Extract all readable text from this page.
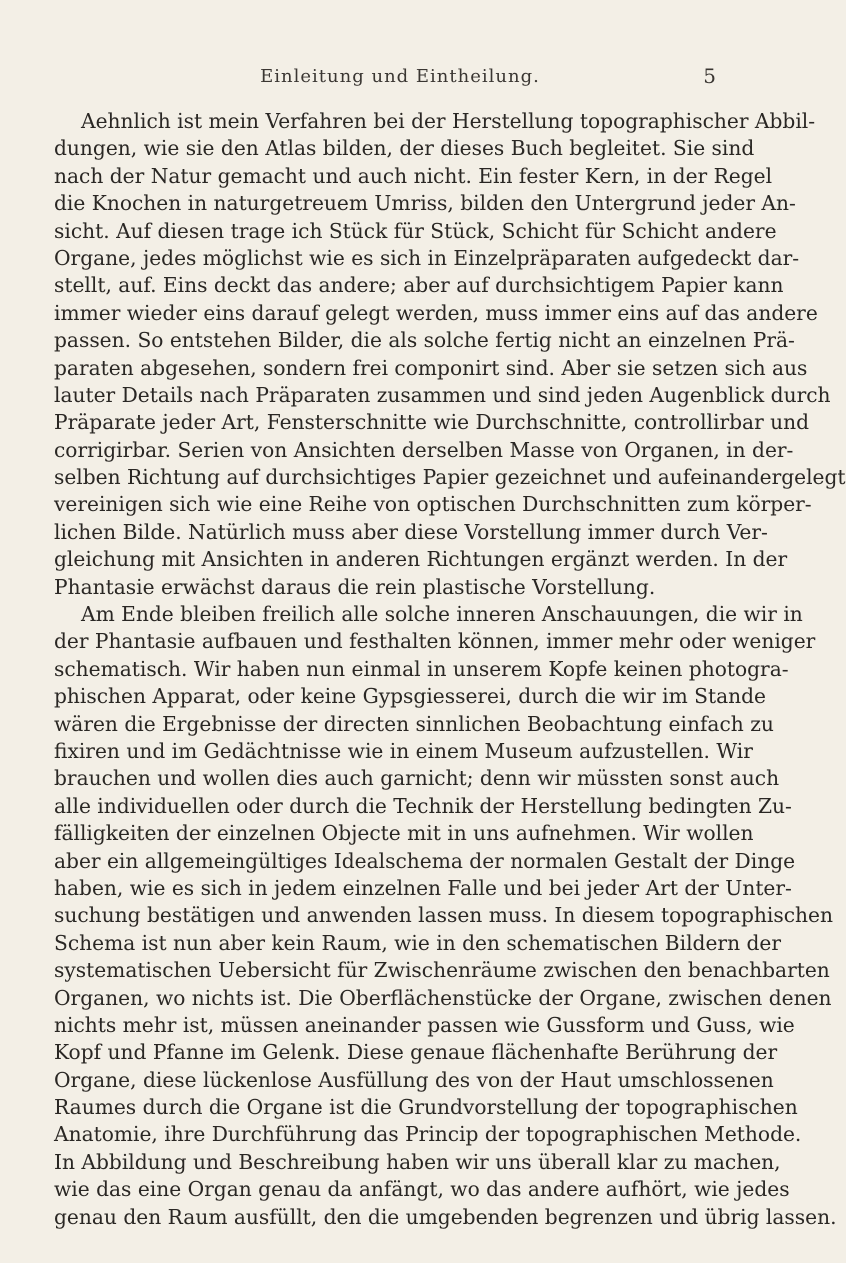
Einleitung und Eintheilung.	5

Aehnlich ist mein Verfahren bei der Herstellung topographischer Abbil-
dungen, wie sie den Atlas bilden, der dieses Buch begleitet. Sie sind
nach der Natur gemacht und auch nicht. Ein fester Kern, in der Regel
die Knochen in naturgetreuem Umriss, bilden den Untergrund jeder An-
sicht. Auf diesen trage ich Stück für Stück, Schicht für Schicht andere
Organe, jedes möglichst wie es sich in Einzelpräparaten aufgedeckt dar-
stellt, auf. Eins deckt das andere; aber auf durchsichtigem Papier kann
immer wieder eins darauf gelegt werden, muss immer eins auf das andere
passen. So entstehen Bilder, die als solche fertig nicht an einzelnen Prä-
paraten abgesehen, sondern frei componirt sind. Aber sie setzen sich aus
lauter Details nach Präparaten zusammen und sind jeden Augenblick durch
Präparate jeder Art, Fensterschnitte wie Durchschnitte, controllirbar und
corrigirbar. Serien von Ansichten derselben Masse von Organen, in der-
selben Richtung auf durchsichtiges Papier gezeichnet und aufeinandergelegt
vereinigen sich wie eine Reihe von optischen Durchschnitten zum körper-
lichen Bilde. Natürlich muss aber diese Vorstellung immer durch Ver-
gleichung mit Ansichten in anderen Richtungen ergänzt werden. In der
Phantasie erwächst daraus die rein plastische Vorstellung.

Am Ende bleiben freilich alle solche inneren Anschauungen, die wir in
der Phantasie aufbauen und festhalten können, immer mehr oder weniger
schematisch. Wir haben nun einmal in unserem Kopfe keinen photogra-
phischen Apparat, oder keine Gypsgiesserei, durch die wir im Stande
wären die Ergebnisse der directen sinnlichen Beobachtung einfach zu
fixiren und im Gedächtnisse wie in einem Museum aufzustellen. Wir
brauchen und wollen dies auch garnicht; denn wir müssten sonst auch
alle individuellen oder durch die Technik der Herstellung bedingten Zu-
fälligkeiten der einzelnen Objecte mit in uns aufnehmen. Wir wollen
aber ein allgemeingültiges Idealschema der normalen Gestalt der Dinge
haben, wie es sich in jedem einzelnen Falle und bei jeder Art der Unter-
suchung bestätigen und anwenden lassen muss. In diesem topographischen
Schema ist nun aber kein Raum, wie in den schematischen Bildern der
systematischen Uebersicht für Zwischenräume zwischen den benachbarten
Organen, wo nichts ist. Die Oberflächenstücke der Organe, zwischen denen
nichts mehr ist, müssen aneinander passen wie Gussform und Guss, wie
Kopf und Pfanne im Gelenk. Diese genaue flächenhafte Berührung der
Organe, diese lückenlose Ausfüllung des von der Haut umschlossenen
Raumes durch die Organe ist die Grundvorstellung der topographischen
Anatomie, ihre Durchführung das Princip der topographischen Methode.
In Abbildung und Beschreibung haben wir uns überall klar zu machen,
wie das eine Organ genau da anfängt, wo das andere aufhört, wie jedes
genau den Raum ausfüllt, den die umgebenden begrenzen und übrig lassen.
